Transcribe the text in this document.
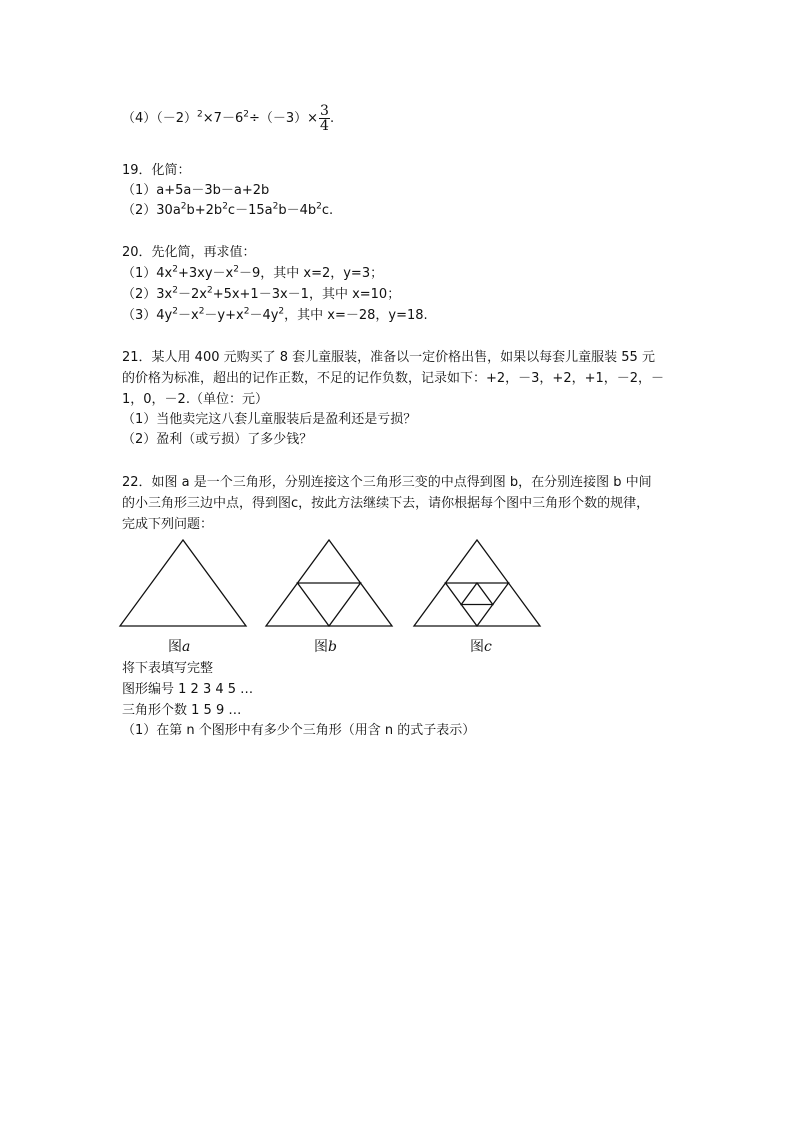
$(4)(-2)^2\times 7-6^2\div(-3)\times \frac{3}{4}$ .
19．化简：
（1）a+5a－3b－a+2b
$(2)30a^2b+2b^2c-15a^2b-4b^2c$.
20．先化简，再求值：
$(1)4x^2+3xy-x^2-9$，其中 x=2，y=3；
$(2)3x^2-2x^2+5x+1-3x-1$，其中 x=10；
$(3)4y^2-x^2-y+x^2-4y^2$，其中 x=－28，y=18.
21．某人用 400 元购买了 8 套儿童服装，准备以一定价格出售，如果以每套儿童服装 55 元
的价格为标准，超出的记作正数，不足的记作负数，记录如下：+2，－3，+2，+1，－2，－
1，0，－2.（单位：元）
（1）当他卖完这八套儿童服装后是盈利还是亏损？
（2）盈利（或亏损）了多少钱？
22．如图 a 是一个三角形，分别连接这个三角形三变的中点得到图 b，在分别连接图 b 中间
的小三角形三边中点，得到图c，按此方法继续下去，请你根据每个图中三角形个数的规律，
完成下列问题：
图a	图b	图c
将下表填写完整
图形编号 1 2 3 4 5 …
三角形个数 1 5 9 …
（1）在第 n 个图形中有多少个三角形（用含 n 的式子表示）
